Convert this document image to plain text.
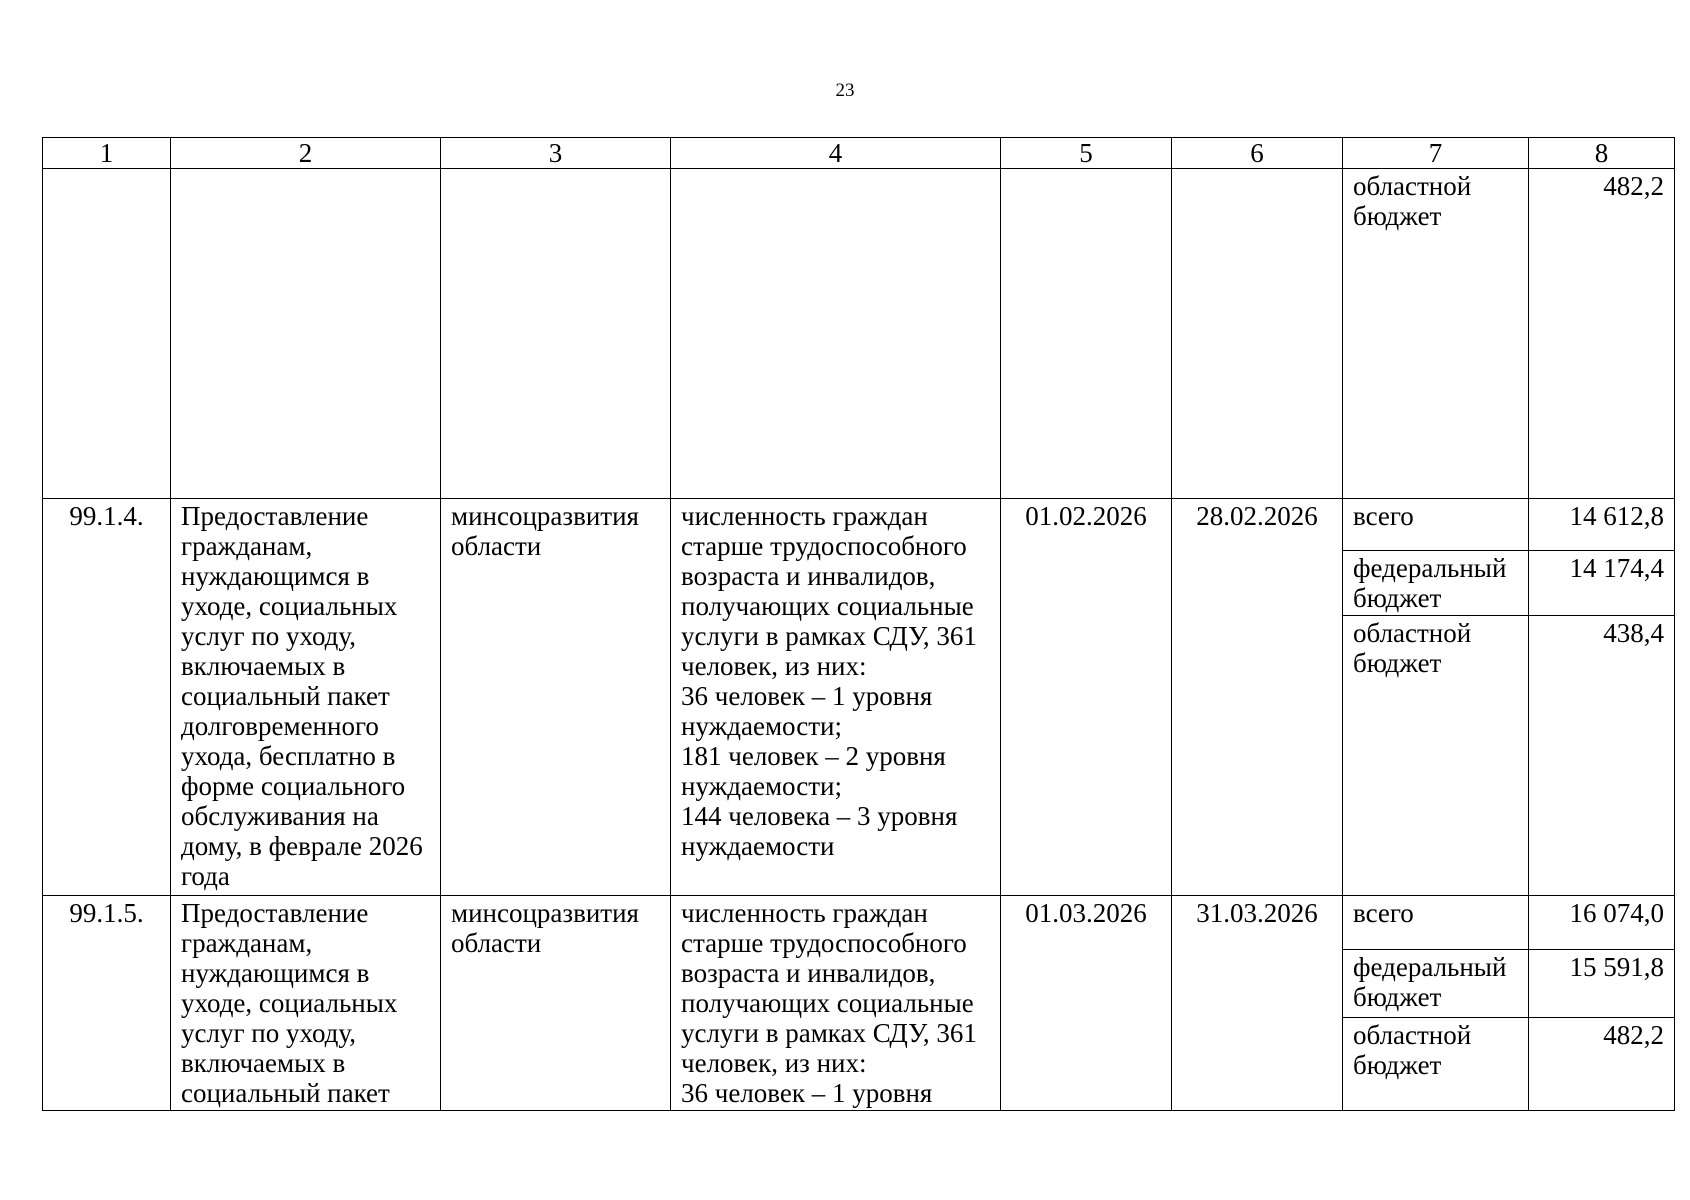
23
1	2	3	4	5	6	7	8
						областной бюджет	482,2
99.1.4.	Предоставление гражданам, нуждающимся в уходе, социальных услуг по уходу, включаемых в социальный пакет долговременного ухода, бесплатно в форме социального обслуживания на дому, в феврале 2026 года	минсоцразвития области	численность граждан старше трудоспособного возраста и инвалидов, получающих социальные услуги в рамках СДУ, 361 человек, из них:
36 человек – 1 уровня нуждаемости;
181 человек – 2 уровня нуждаемости;
144 человека – 3 уровня нуждаемости	01.02.2026	28.02.2026	всего	14 612,8
						федеральный бюджет	14 174,4
						областной бюджет	438,4
99.1.5.	Предоставление гражданам, нуждающимся в уходе, социальных услуг по уходу, включаемых в социальный пакет	минсоцразвития области	численность граждан старше трудоспособного возраста и инвалидов, получающих социальные услуги в рамках СДУ, 361 человек, из них:
36 человек – 1 уровня	01.03.2026	31.03.2026	всего	16 074,0
						федеральный бюджет	15 591,8
						областной бюджет	482,2
